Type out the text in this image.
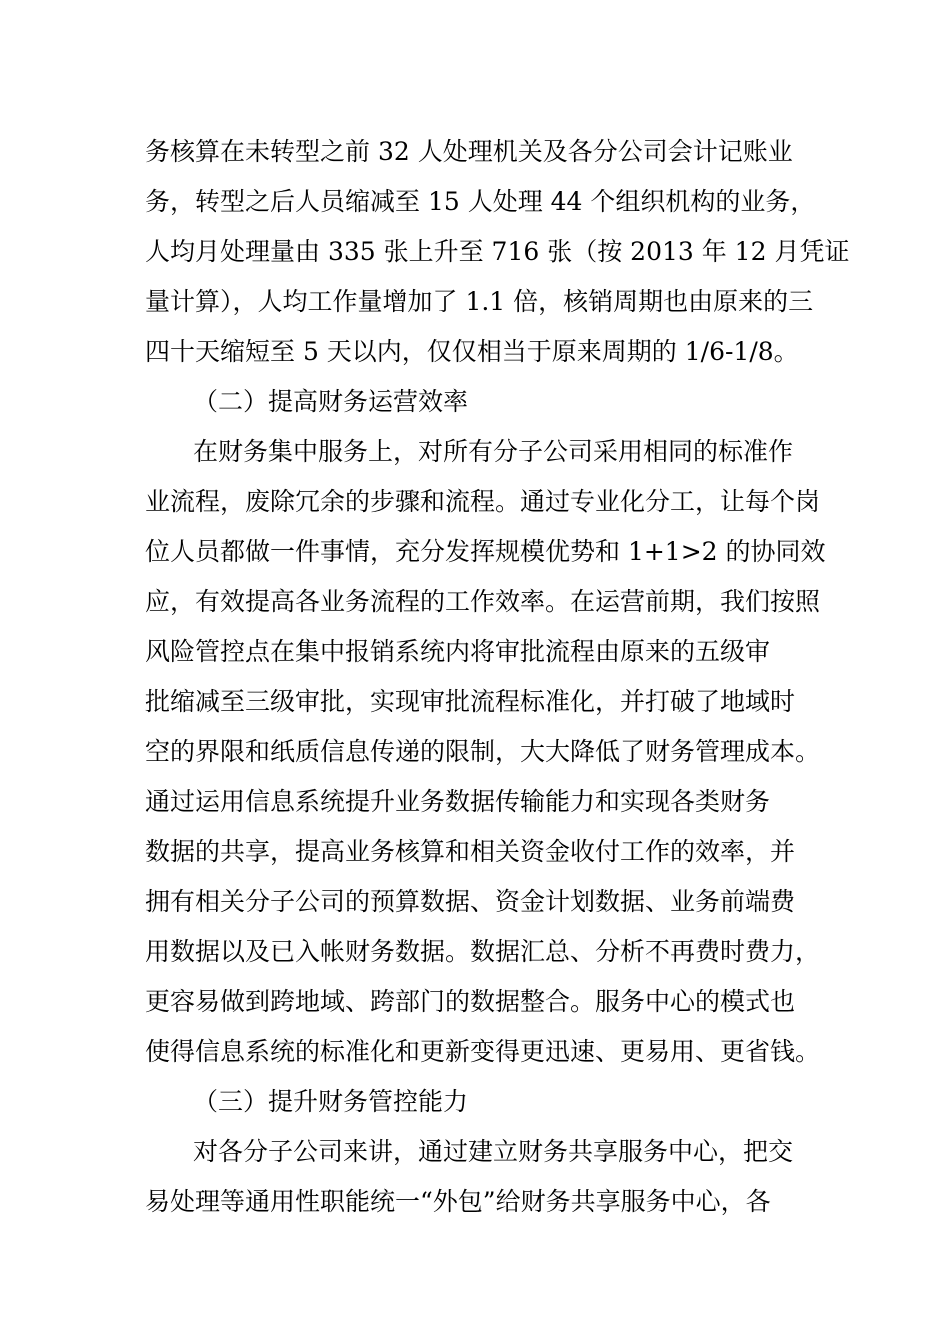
务核算在未转型之前 32 人处理机关及各分公司会计记账业
务，转型之后人员缩减至 15 人处理 44 个组织机构的业务，
人均月处理量由 335 张上升至 716 张（按 2013 年 12 月凭证
量计算），人均工作量增加了 1.1 倍，核销周期也由原来的三
四十天缩短至 5 天以内，仅仅相当于原来周期的 1/6-1/8。
（二）提高财务运营效率
在财务集中服务上，对所有分子公司采用相同的标准作
业流程，废除冗余的步骤和流程。通过专业化分工，让每个岗
位人员都做一件事情，充分发挥规模优势和 1+1>2 的协同效
应，有效提高各业务流程的工作效率。在运营前期，我们按照
风险管控点在集中报销系统内将审批流程由原来的五级审
批缩减至三级审批，实现审批流程标准化，并打破了地域时
空的界限和纸质信息传递的限制，大大降低了财务管理成本。
通过运用信息系统提升业务数据传输能力和实现各类财务
数据的共享，提高业务核算和相关资金收付工作的效率，并
拥有相关分子公司的预算数据、资金计划数据、业务前端费
用数据以及已入帐财务数据。数据汇总、分析不再费时费力，
更容易做到跨地域、跨部门的数据整合。服务中心的模式也
使得信息系统的标准化和更新变得更迅速、更易用、更省钱。
（三）提升财务管控能力
对各分子公司来讲，通过建立财务共享服务中心，把交
易处理等通用性职能统一“外包”给财务共享服务中心，各
